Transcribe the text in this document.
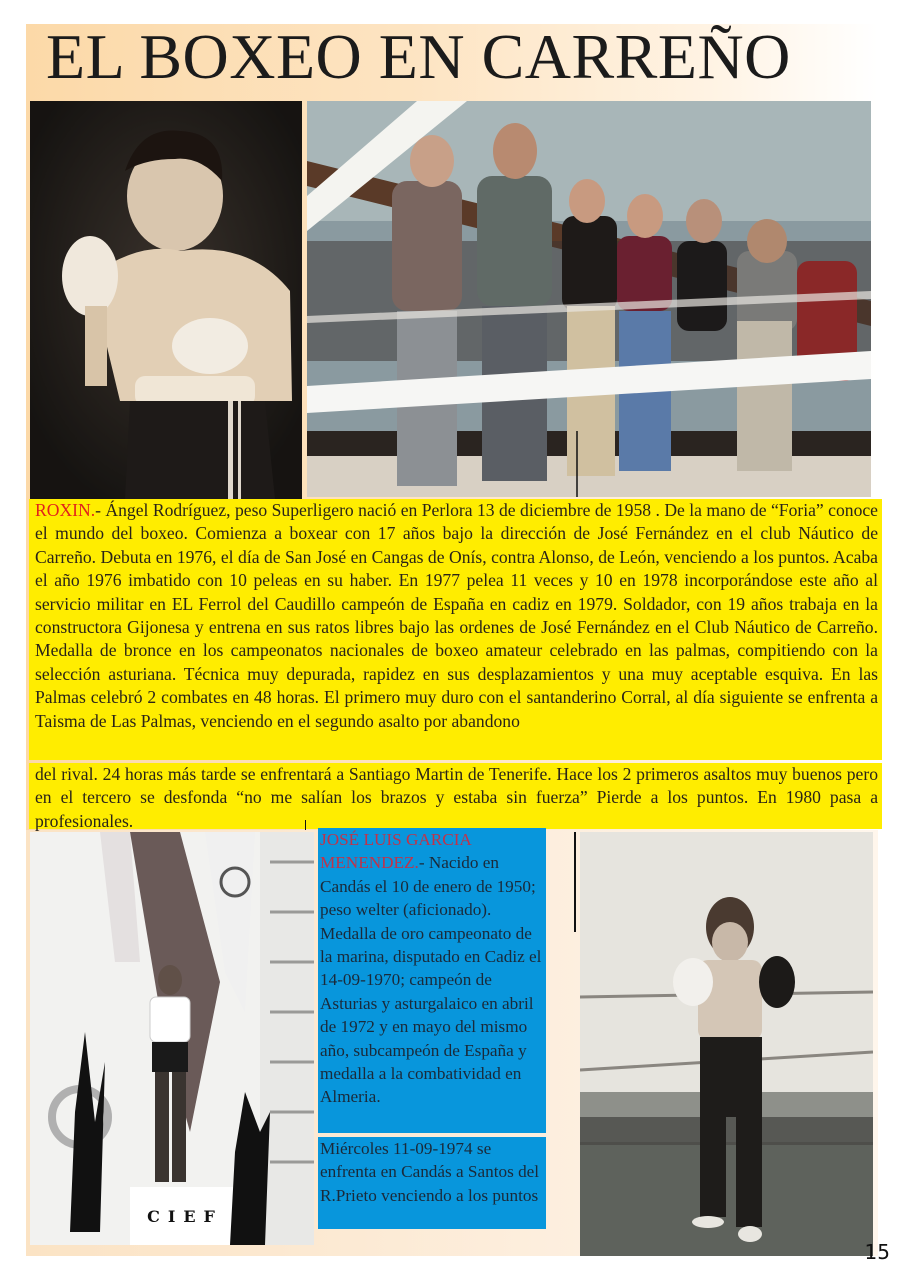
EL BOXEO EN CARREÑO

ROXIN.- Ángel Rodríguez, peso Superligero nació en Perlora 13 de diciembre de 1958 . De la mano de “Foria” conoce el mundo del boxeo. Comienza a boxear con 17 años bajo la dirección de José Fernández en el club Náutico de Carreño. Debuta en 1976, el día de San José en Cangas de Onís, contra Alonso, de León, venciendo a los puntos. Acaba el año 1976 imbatido con 10 peleas en su haber. En 1977 pelea 11 veces y 10 en 1978 incorporándose este año al servicio militar en EL Ferrol del Caudillo campeón de España en cadiz en 1979. Soldador, con 19 años trabaja en la constructora Gijonesa y entrena en sus ratos libres bajo las ordenes de José Fernández en el Club Náutico de Carreño. Medalla de bronce en los campeonatos nacionales de boxeo amateur celebrado en las palmas, compitiendo con la selección asturiana. Técnica muy depurada, rapidez en sus desplazamientos y una muy aceptable esquiva. En las Palmas celebró 2 combates en 48 horas. El primero muy duro con el santanderino Corral, al día siguiente se enfrenta a Taisma de Las Palmas, venciendo en el segundo asalto por abandono

del rival. 24 horas más tarde se enfrentará a Santiago Martin de Tenerife. Hace los 2 primeros asaltos muy buenos pero en el tercero se desfonda “no me salían los brazos y estaba sin fuerza” Pierde a los puntos. En 1980 pasa a profesionales.

CIEF

JOSÉ LUIS GARCIA MENENDEZ.- Nacido en Candás el 10 de enero de 1950; peso welter (aficionado). Medalla de oro campeonato de la marina, disputado en Cadiz el 14-09-1970; campeón de Asturias y asturgalaico en abril de 1972 y en mayo del mismo año, subcampeón de España y medalla a la combatividad en Almeria.

Miércoles 11-09-1974 se enfrenta en Candás a Santos del R.Prieto venciendo a los puntos

15
